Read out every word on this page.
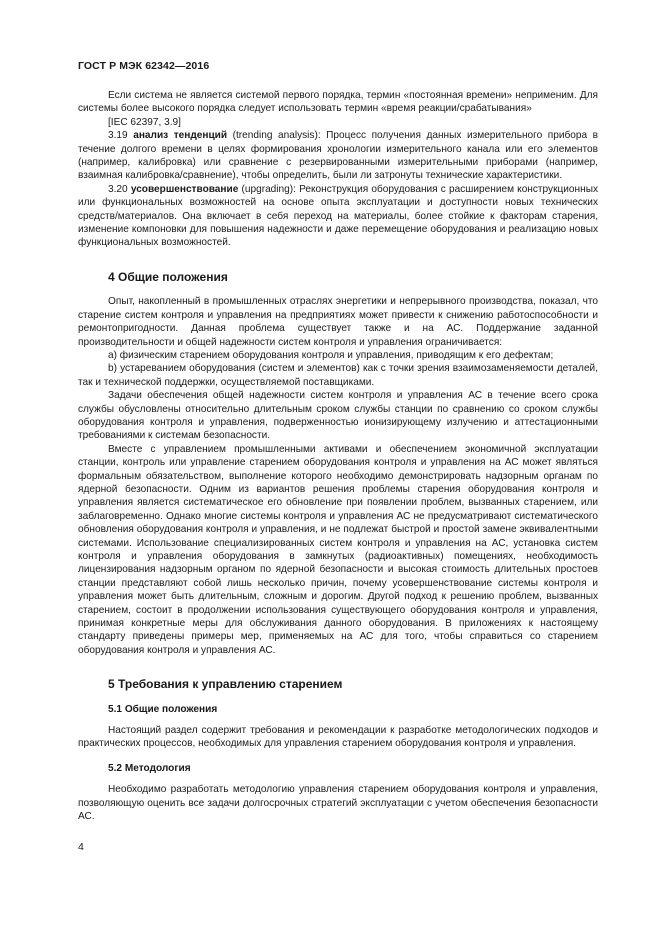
ГОСТ Р МЭК 62342—2016

Если система не является системой первого порядка, термин «постоянная времени» неприменим. Для системы более высокого порядка следует использовать термин «время реакции/срабатывания»

[IEC 62397, 3.9]

3.19 анализ тенденций (trending analysis): Процесс получения данных измерительного прибора в течение долгого времени в целях формирования хронологии измерительного канала или его элементов (например, калибровка) или сравнение с резервированными измерительными приборами (например, взаимная калибровка/сравнение), чтобы определить, были ли затронуты технические характеристики.

3.20 усовершенствование (upgrading): Реконструкция оборудования с расширением конструкционных или функциональных возможностей на основе опыта эксплуатации и доступности новых технических средств/материалов. Она включает в себя переход на материалы, более стойкие к факторам старения, изменение компоновки для повышения надежности и даже перемещение оборудования и реализацию новых функциональных возможностей.

4 Общие положения

Опыт, накопленный в промышленных отраслях энергетики и непрерывного производства, показал, что старение систем контроля и управления на предприятиях может привести к снижению работоспособности и ремонтопригодности. Данная проблема существует также и на АС. Поддержание заданной производительности и общей надежности систем контроля и управления ограничивается:

a) физическим старением оборудования контроля и управления, приводящим к его дефектам;

b) устареванием оборудования (систем и элементов) как с точки зрения взаимозаменяемости деталей, так и технической поддержки, осуществляемой поставщиками.

Задачи обеспечения общей надежности систем контроля и управления АС в течение всего срока службы обусловлены относительно длительным сроком службы станции по сравнению со сроком службы оборудования контроля и управления, подверженностью ионизирующему излучению и аттестационными требованиями к системам безопасности.

Вместе с управлением промышленными активами и обеспечением экономичной эксплуатации станции, контроль или управление старением оборудования контроля и управления на АС может являться формальным обязательством, выполнение которого необходимо демонстрировать надзорным органам по ядерной безопасности. Одним из вариантов решения проблемы старения оборудования контроля и управления является систематическое его обновление при появлении проблем, вызванных старением, или заблаговременно. Однако многие системы контроля и управления АС не предусматривают систематического обновления оборудования контроля и управления, и не подлежат быстрой и простой замене эквивалентными системами. Использование специализированных систем контроля и управления на АС, установка систем контроля и управления оборудования в замкнутых (радиоактивных) помещениях, необходимость лицензирования надзорным органом по ядерной безопасности и высокая стоимость длительных простоев станции представляют собой лишь несколько причин, почему усовершенствование системы контроля и управления может быть длительным, сложным и дорогим. Другой подход к решению проблем, вызванных старением, состоит в продолжении использования существующего оборудования контроля и управления, принимая конкретные меры для обслуживания данного оборудования. В приложениях к настоящему стандарту приведены примеры мер, применяемых на АС для того, чтобы справиться со старением оборудования контроля и управления АС.

5 Требования к управлению старением
5.1 Общие положения

Настоящий раздел содержит требования и рекомендации к разработке методологических подходов и практических процессов, необходимых для управления старением оборудования контроля и управления.

5.2 Методология

Необходимо разработать методологию управления старением оборудования контроля и управления, позволяющую оценить все задачи долгосрочных стратегий эксплуатации с учетом обеспечения безопасности АС.

4
